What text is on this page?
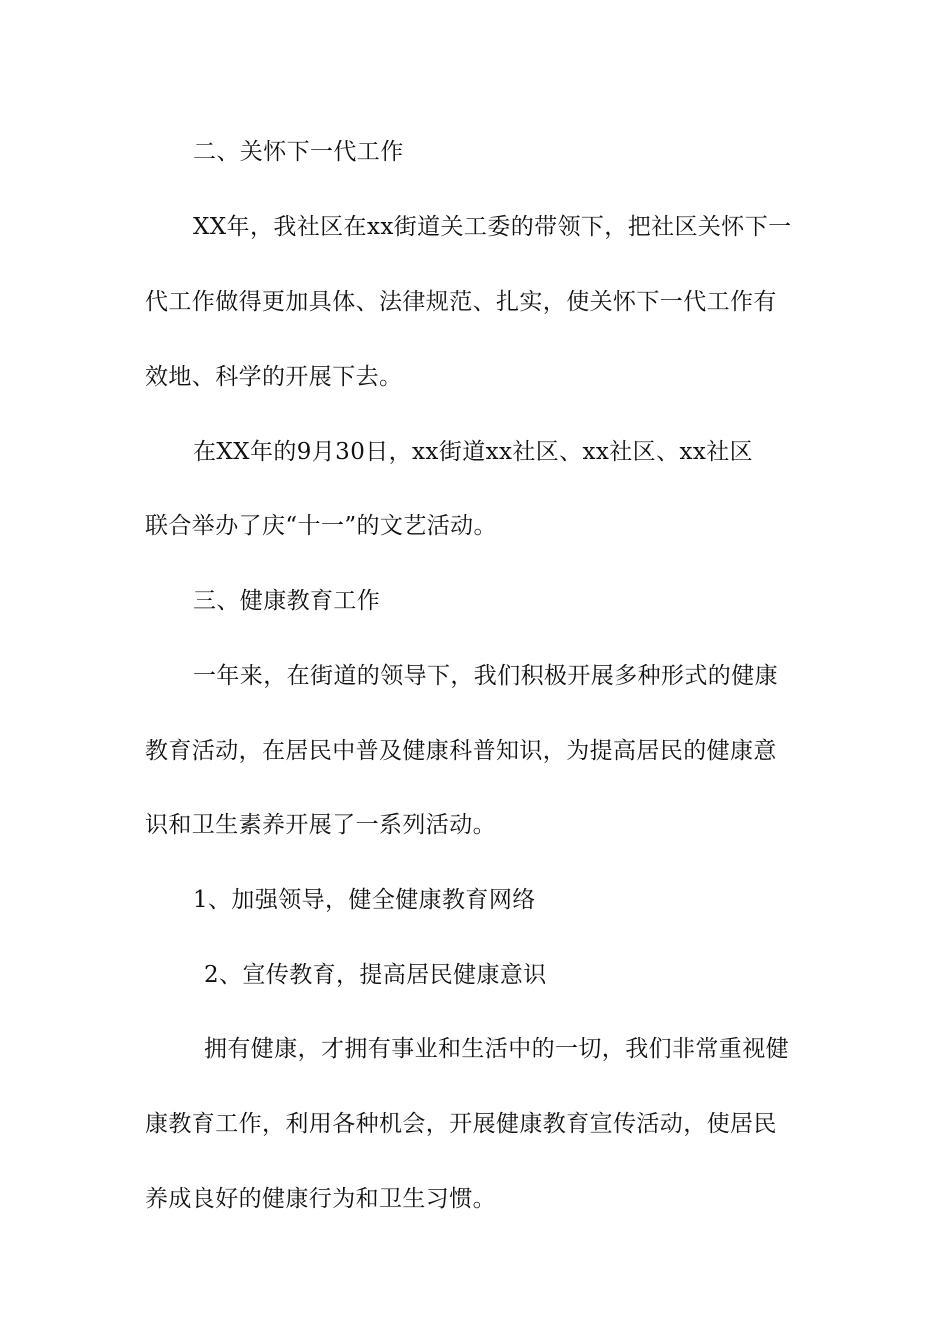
二、关怀下一代工作
XX年，我社区在xx街道关工委的带领下，把社区关怀下一
代工作做得更加具体、法律规范、扎实，使关怀下一代工作有
效地、科学的开展下去。
在XX年的9月30日，xx街道xx社区、xx社区、xx社区
联合举办了庆“十一”的文艺活动。
三、健康教育工作
一年来，在街道的领导下，我们积极开展多种形式的健康
教育活动，在居民中普及健康科普知识，为提高居民的健康意
识和卫生素养开展了一系列活动。
1、加强领导，健全健康教育网络
2、宣传教育，提高居民健康意识
拥有健康，才拥有事业和生活中的一切，我们非常重视健
康教育工作，利用各种机会，开展健康教育宣传活动，使居民
养成良好的健康行为和卫生习惯。
